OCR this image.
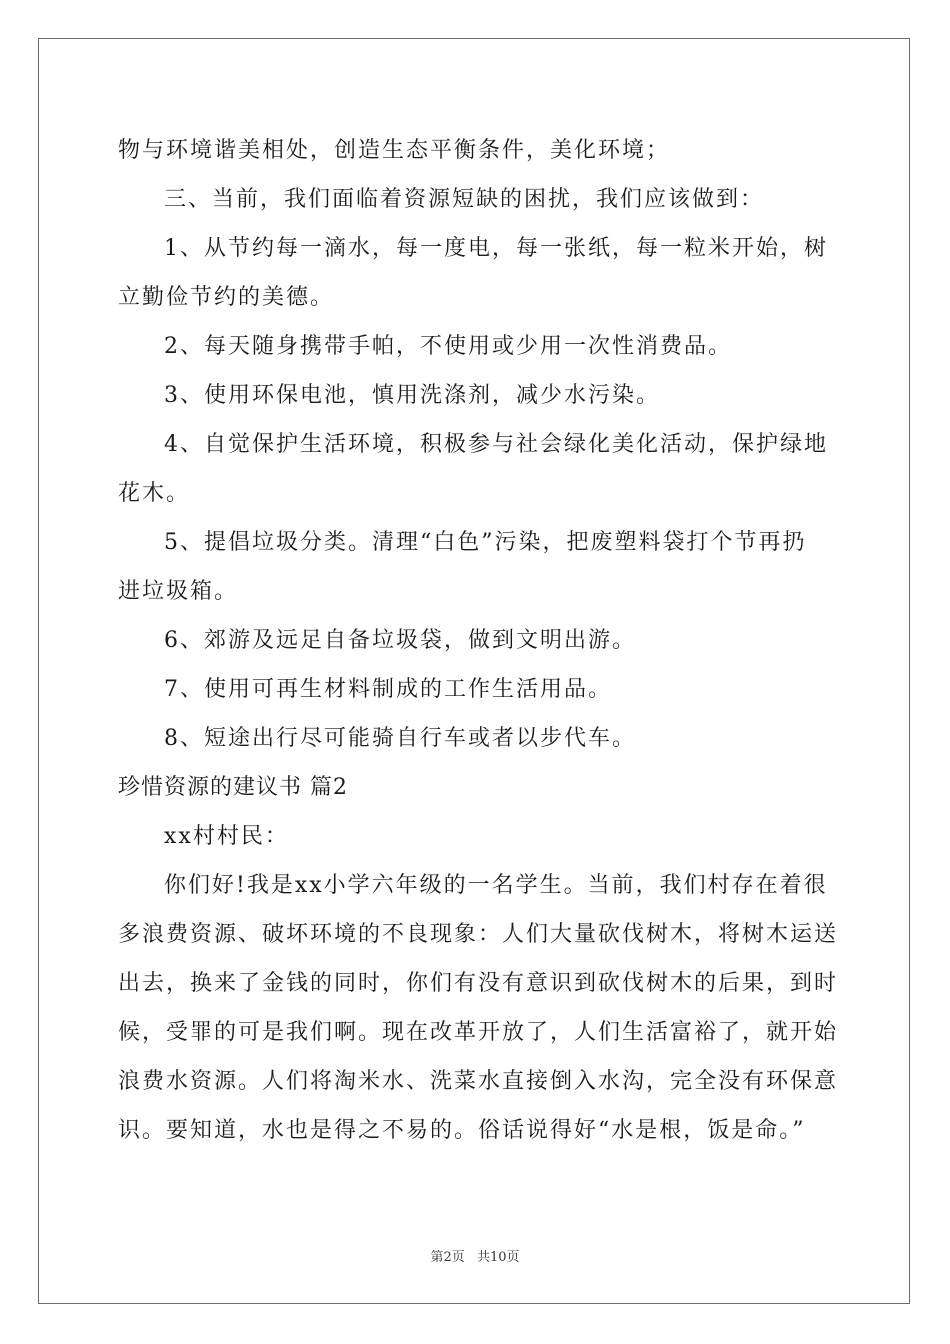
物与环境谐美相处，创造生态平衡条件，美化环境；
三、当前，我们面临着资源短缺的困扰，我们应该做到：
1、从节约每一滴水，每一度电，每一张纸，每一粒米开始，树
立勤俭节约的美德。
2、每天随身携带手帕，不使用或少用一次性消费品。
3、使用环保电池，慎用洗涤剂，减少水污染。
4、自觉保护生活环境，积极参与社会绿化美化活动，保护绿地
花木。
5、提倡垃圾分类。清理“白色”污染，把废塑料袋打个节再扔
进垃圾箱。
6、郊游及远足自备垃圾袋，做到文明出游。
7、使用可再生材料制成的工作生活用品。
8、短途出行尽可能骑自行车或者以步代车。
珍惜资源的建议书 篇2
xx村村民：
你们好!我是xx小学六年级的一名学生。当前，我们村存在着很
多浪费资源、破坏环境的不良现象：人们大量砍伐树木，将树木运送
出去，换来了金钱的同时，你们有没有意识到砍伐树木的后果，到时
候，受罪的可是我们啊。现在改革开放了，人们生活富裕了，就开始
浪费水资源。人们将淘米水、洗菜水直接倒入水沟，完全没有环保意
识。要知道，水也是得之不易的。俗话说得好“水是根，饭是命。”
第2页 共10页
